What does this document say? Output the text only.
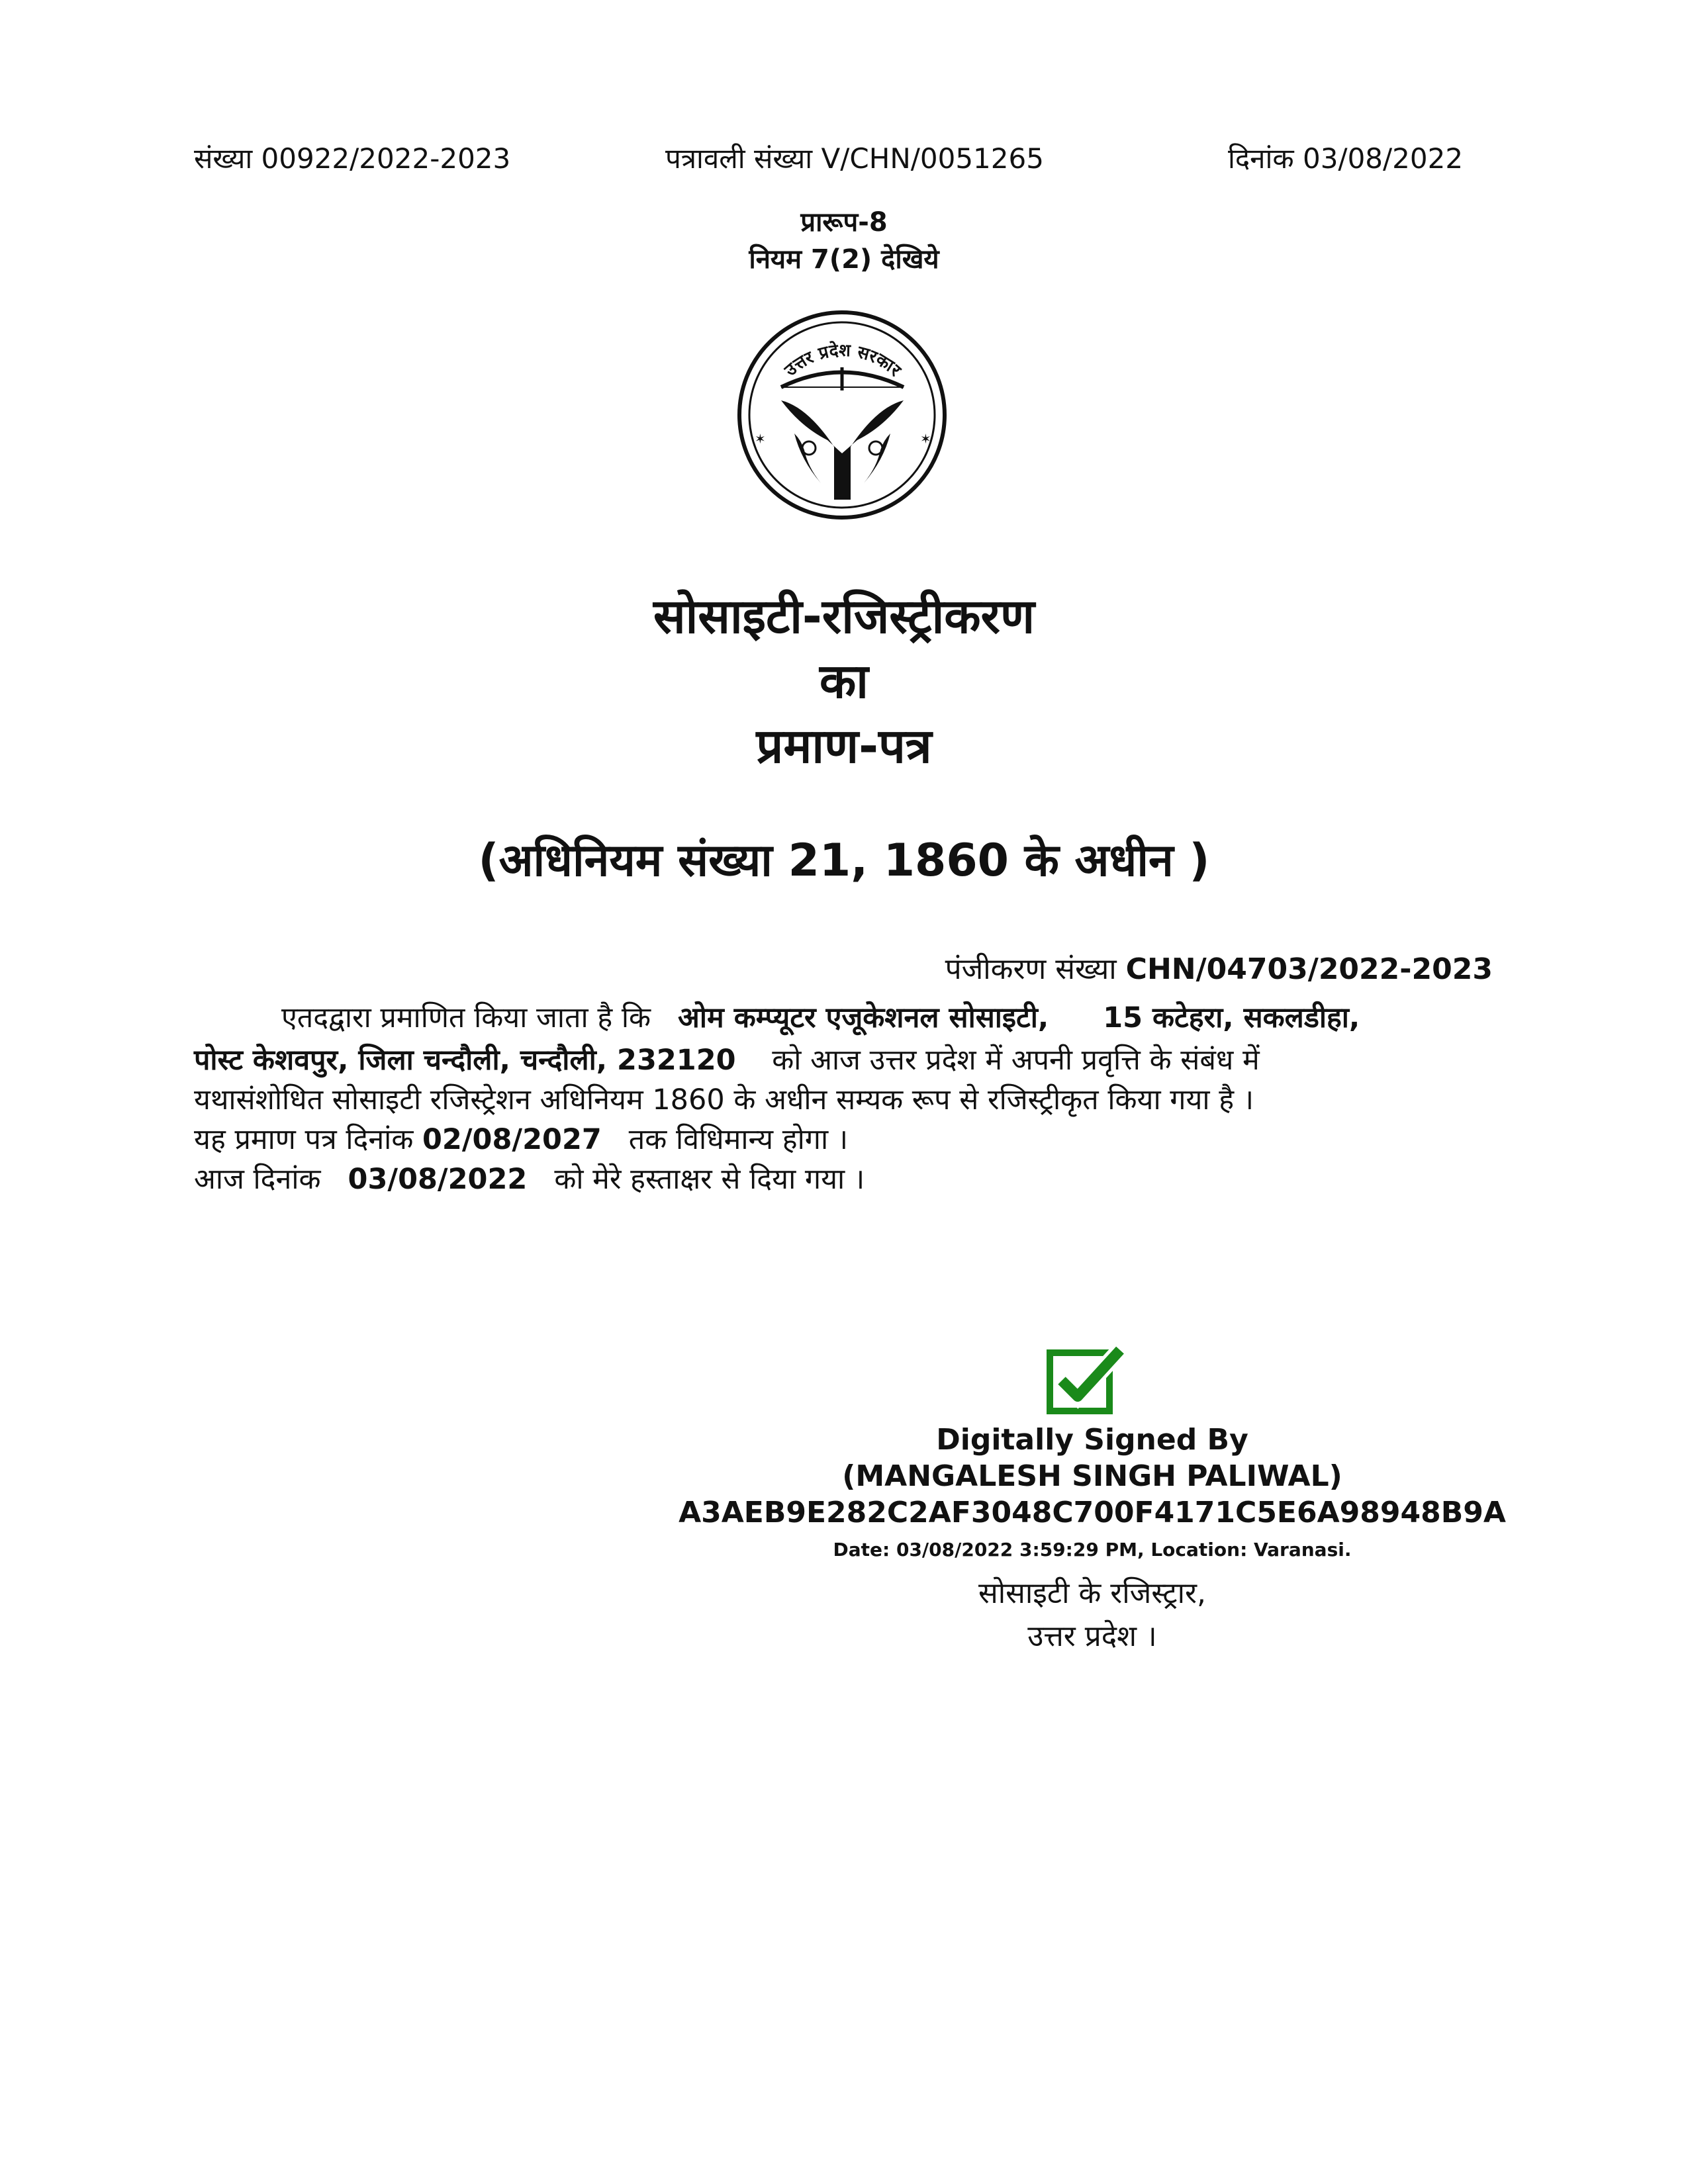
संख्या 00922/2022-2023	पत्रावली संख्या V/CHN/0051265	दिनांक 03/08/2022
प्रारूप-8
नियम 7(2) देखिये
उत्तर प्रदेश सरकार
✶	✶
सोसाइटी-रजिस्ट्रीकरण
का
प्रमाण-पत्र
(अधिनियम संख्या 21, 1860 के अधीन )
पंजीकरण संख्या CHN/04703/2022-2023
एतदद्वारा प्रमाणित किया जाता है कि ओम कम्प्यूटर एजूकेशनल सोसाइटी, 15 कटेहरा, सकलडीहा,
पोस्ट केशवपुर, जिला चन्दौली, चन्दौली, 232120 को आज उत्तर प्रदेश में अपनी प्रवृत्ति के संबंध में
यथासंशोधित सोसाइटी रजिस्ट्रेशन अधिनियम 1860 के अधीन सम्यक रूप से रजिस्ट्रीकृत किया गया है ।
यह प्रमाण पत्र दिनांक 02/08/2027 तक विधिमान्य होगा ।
आज दिनांक 03/08/2022 को मेरे हस्ताक्षर से दिया गया ।
Digitally Signed By
(MANGALESH SINGH PALIWAL)
A3AEB9E282C2AF3048C700F4171C5E6A98948B9A
Date: 03/08/2022 3:59:29 PM, Location: Varanasi.
सोसाइटी के रजिस्ट्रार,
उत्तर प्रदेश ।
